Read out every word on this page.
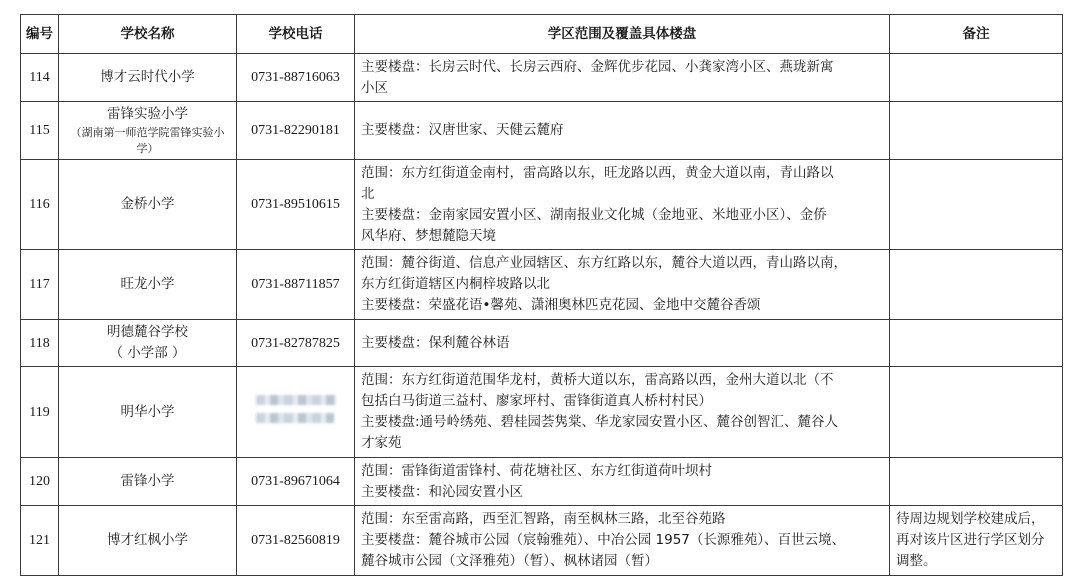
编号	学校名称	学校电话	学区范围及覆盖具体楼盘	备注
114	博才云时代小学	0731-88716063	主要楼盘：长房云时代、长房云西府、金辉优步花园、小龚家湾小区、燕珑新寓
小区	

115	雷锋实验小学
（湖南第一师范学院雷锋实验小学）	0731-82290181	主要楼盘：汉唐世家、天健云麓府	

116	金桥小学	0731-89510615	范围：东方红街道金南村，雷高路以东，旺龙路以西，黄金大道以南，青山路以
北
主要楼盘：金南家园安置小区、湖南报业文化城（金地亚、米地亚小区）、金侨
风华府、梦想麓隐天境	

117	旺龙小学	0731-88711857	范围：麓谷街道、信息产业园辖区、东方红路以东，麓谷大道以西，青山路以南，
东方红街道辖区内桐梓坡路以北
主要楼盘：荣盛花语•馨苑、潇湘奥林匹克花园、金地中交麓谷香颂	

118	明德麓谷学校
（ 小学部 ）	0731-82787825	主要楼盘：保利麓谷林语	

119	明华小学		范围：东方红街道范围华龙村，黄桥大道以东，雷高路以西，金州大道以北（不
包括白马街道三益村、廖家坪村、雷锋街道真人桥村村民）
主要楼盘:通号岭绣苑、碧桂园荟隽棠、华龙家园安置小区、麓谷创智汇、麓谷人
才家苑	

120	雷锋小学	0731-89671064	范围：雷锋街道雷锋村、荷花塘社区、东方红街道荷叶坝村
主要楼盘：和沁园安置小区	

121	博才红枫小学	0731-82560819	范围：东至雷高路，西至汇智路，南至枫林三路，北至谷苑路
主要楼盘：麓谷城市公园（宸翰雅苑）、中冶公园 1957（长源雅苑）、百世云境、
麓谷城市公园（文泽雅苑）（暂）、枫林诸园（暂）	待周边规划学校建成后，再对该片区进行学区划分调整。
